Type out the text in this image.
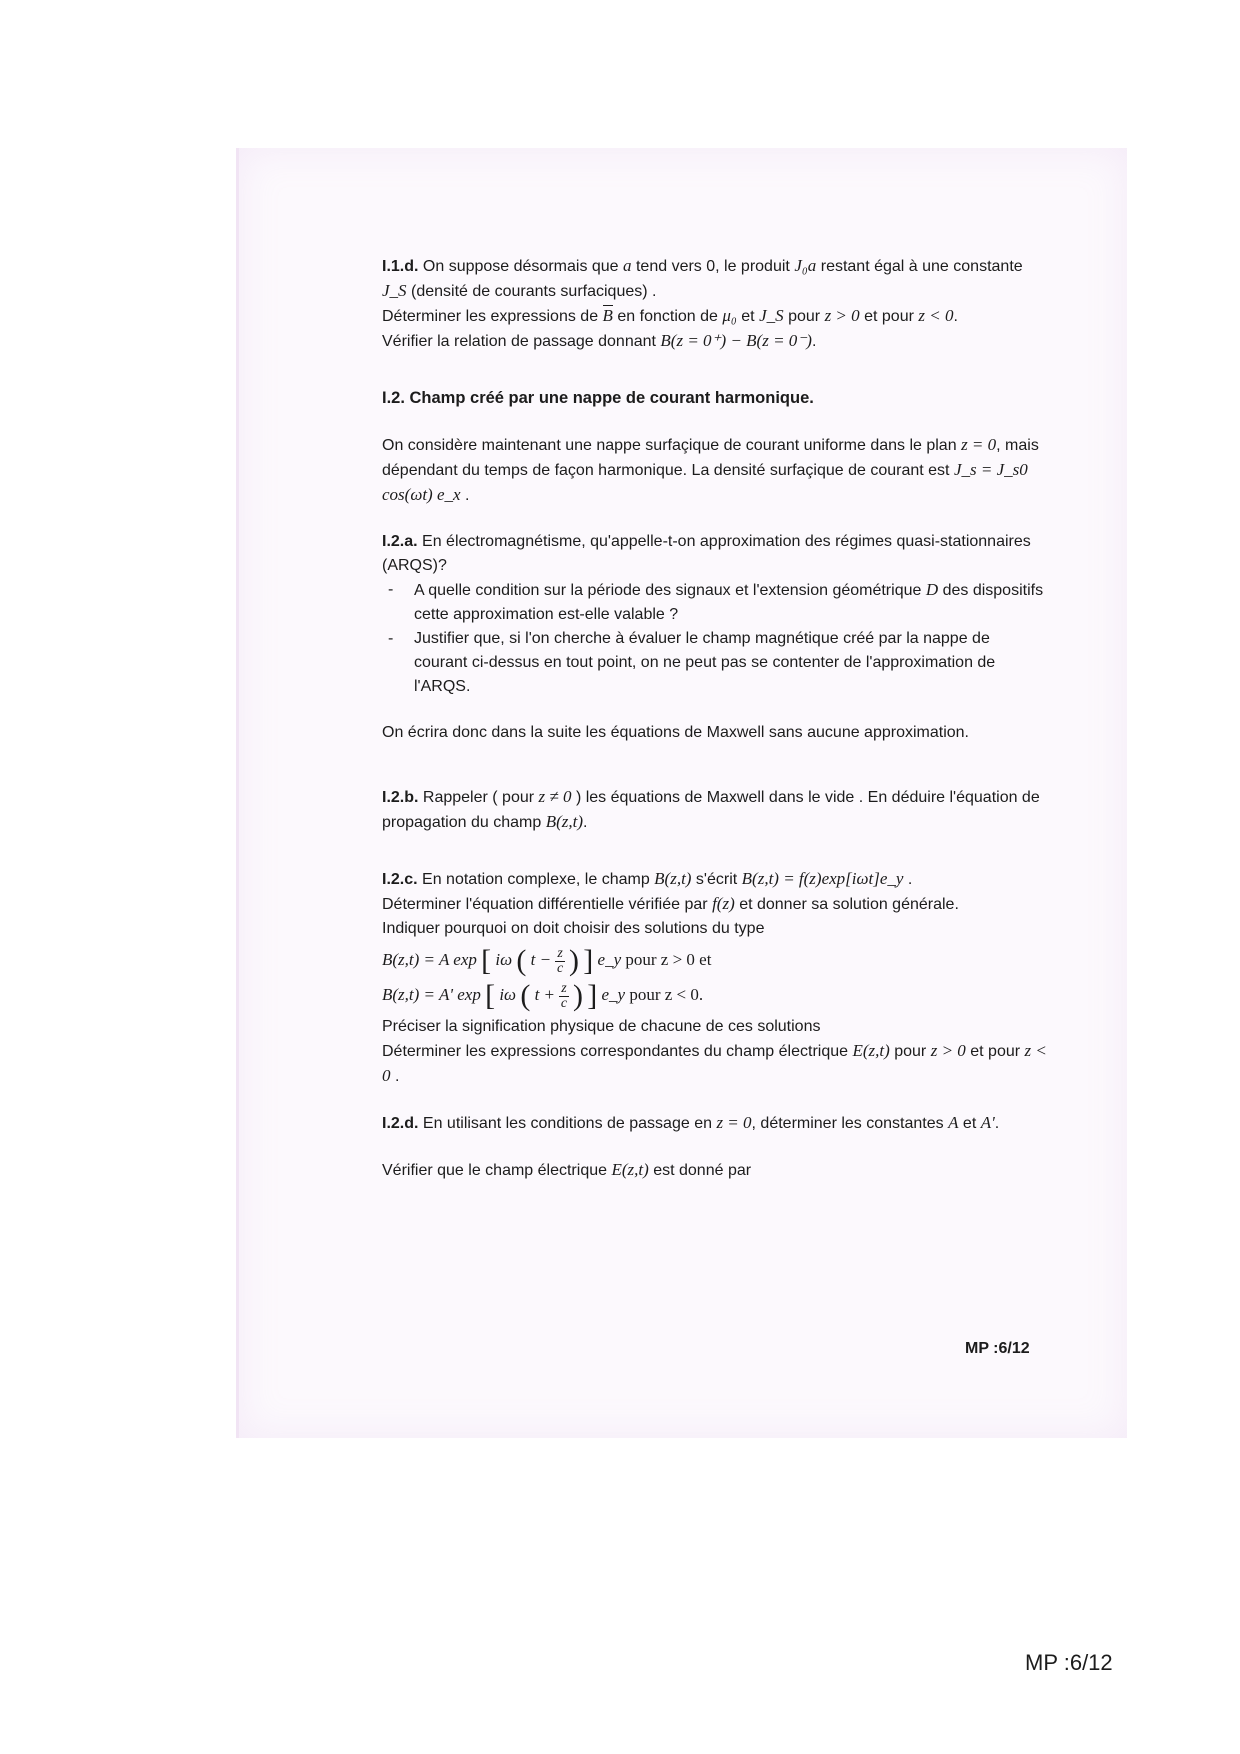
I.1.d. On suppose désormais que a tend vers 0, le produit J₀a restant égal à une constante J_S (densité de courants surfaciques) .
Déterminer les expressions de B en fonction de μ₀ et J_S pour z > 0 et pour z < 0.
Vérifier la relation de passage donnant B(z = 0⁺) − B(z = 0⁻).
I.2. Champ créé par une nappe de courant harmonique.
On considère maintenant une nappe surfaçique de courant uniforme dans le plan z = 0, mais dépendant du temps de façon harmonique. La densité surfaçique de courant est J_s = J_s0 cos(ωt) e_x .
I.2.a. En électromagnétisme, qu'appelle-t-on approximation des régimes quasi-stationnaires (ARQS)?
- A quelle condition sur la période des signaux et l'extension géométrique D des dispositifs cette approximation est-elle valable ?
- Justifier que, si l'on cherche à évaluer le champ magnétique créé par la nappe de courant ci-dessus en tout point, on ne peut pas se contenter de l'approximation de l'ARQS.
On écrira donc dans la suite les équations de Maxwell sans aucune approximation.
I.2.b. Rappeler ( pour z ≠ 0 ) les équations de Maxwell dans le vide . En déduire l'équation de propagation du champ B(z,t).
I.2.c. En notation complexe, le champ B(z,t) s'écrit B(z,t) = f(z)exp[iωt]e_y .
Déterminer l'équation différentielle vérifiée par f(z) et donner sa solution générale.
Indiquer pourquoi on doit choisir des solutions du type
B(z,t) = A exp [ iω ( $t - \frac{z}{c}$ ) ] e_y pour z > 0 et
B(z,t) = A' exp [ iω ( $t + \frac{z}{c}$ ) ] e_y pour z < 0.
Préciser la signification physique de chacune de ces solutions
Déterminer les expressions correspondantes du champ électrique E(z,t) pour z > 0 et pour z < 0 .
I.2.d. En utilisant les conditions de passage en z = 0, déterminer les constantes A et A'.
Vérifier que le champ électrique E(z,t) est donné par
MP :6/12
MP :6/12
